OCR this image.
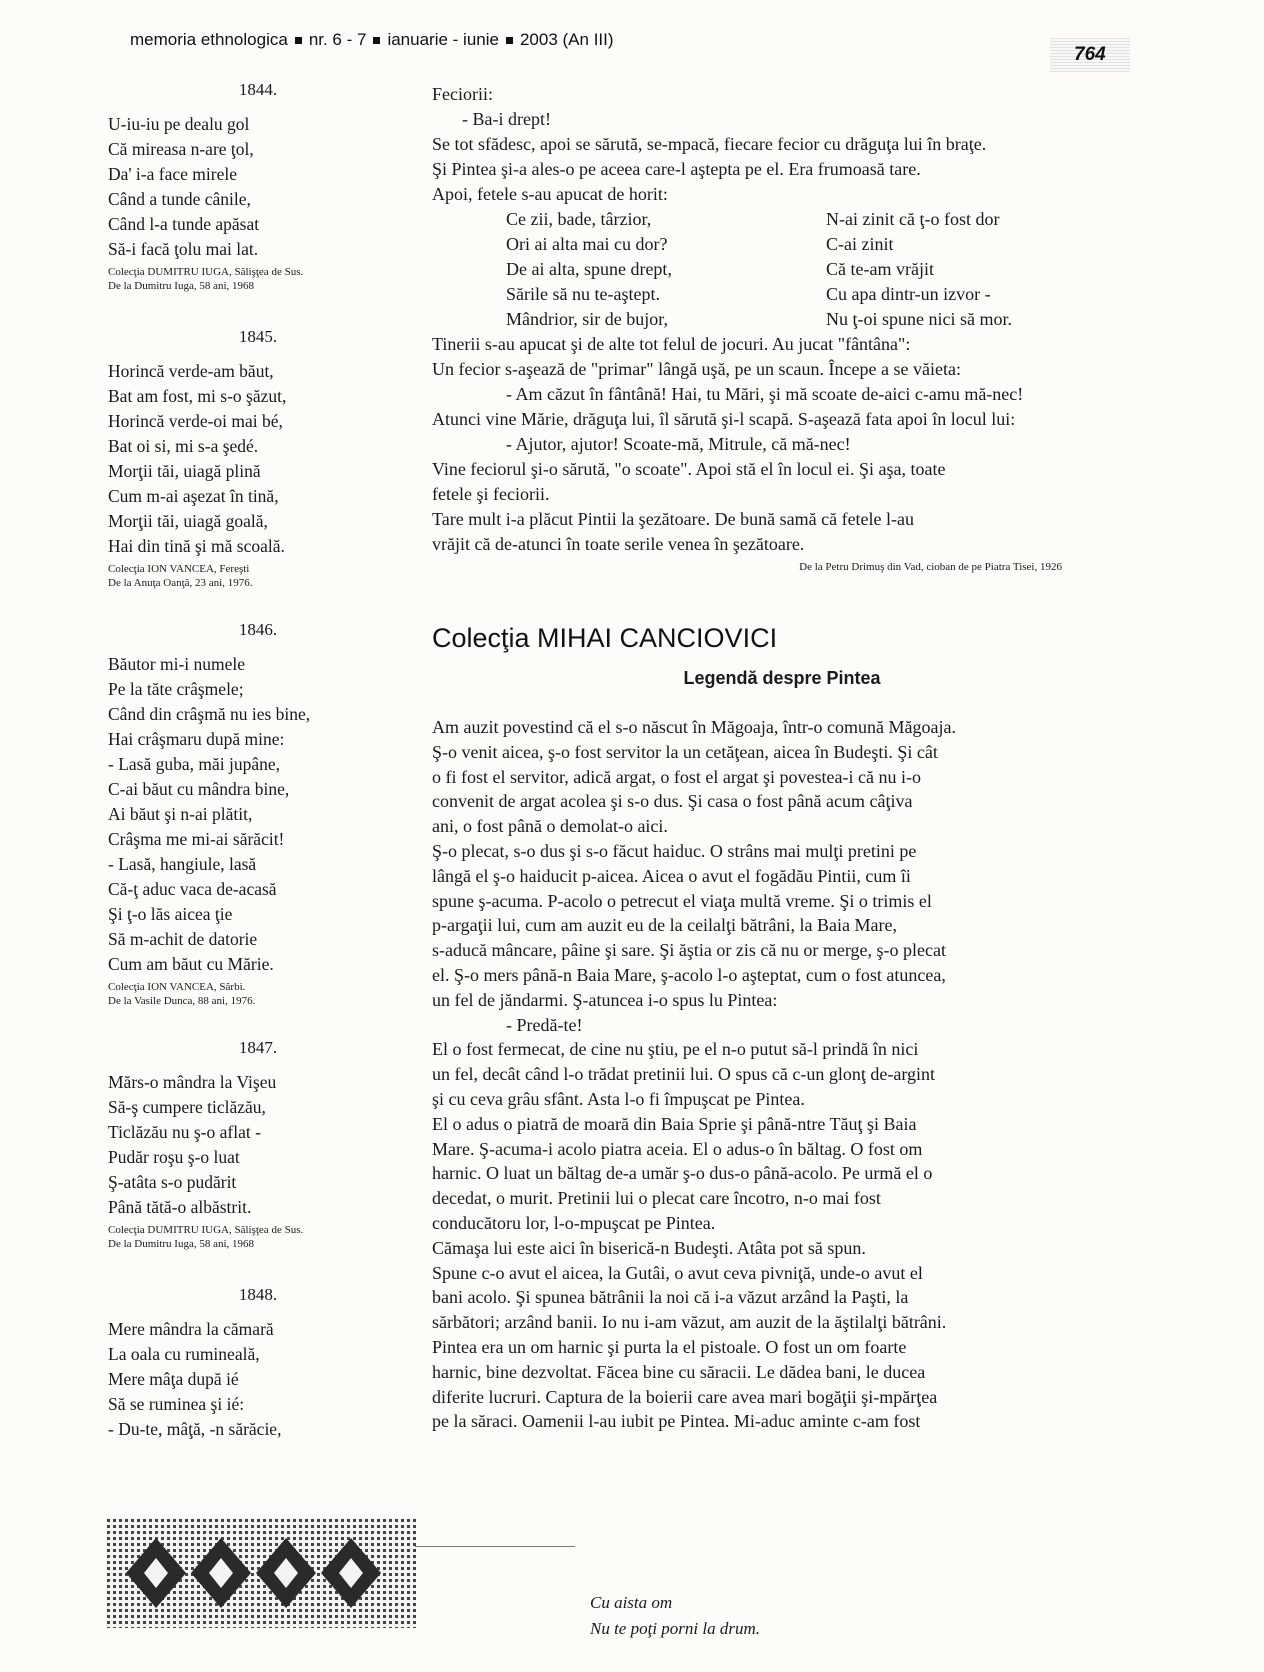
memoria ethnologica nr. 6 - 7 ianuarie - iunie 2003 (An III)
764
1844.
U-iu-iu pe dealu gol
Că mireasa n-are ţol,
Da' i-a face mirele
Când a tunde cânile,
Când l-a tunde apăsat
Să-i facă ţolu mai lat.
Colecţia DUMITRU IUGA, Sălişţea de Sus.
De la Dumitru Iuga, 58 ani, 1968
1845.
Horincă verde-am băut,
Bat am fost, mi s-o şăzut,
Horincă verde-oi mai bé,
Bat oi si, mi s-a şedé.
Morţii tăi, uiagă plină
Cum m-ai aşezat în tină,
Morţii tăi, uiagă goală,
Hai din tină şi mă scoală.
Colecţia ION VANCEA, Fereşti
De la Anuţa Oanţă, 23 ani, 1976.
1846.
Băutor mi-i numele
Pe la tăte crâşmele;
Când din crâşmă nu ies bine,
Hai crâşmaru după mine:
- Lasă guba, măi jupâne,
C-ai băut cu mândra bine,
Ai băut şi n-ai plătit,
Crâşma me mi-ai sărăcit!
- Lasă, hangiule, lasă
Că-ţ aduc vaca de-acasă
Şi ţ-o lăs aicea ţie
Să m-achit de datorie
Cum am băut cu Mărie.
Colecţia ION VANCEA, Sârbi.
De la Vasile Dunca, 88 ani, 1976.
1847.
Mărs-o mândra la Vişeu
Să-ş cumpere ticlăzău,
Ticlăzău nu ş-o aflat -
Pudăr roşu ş-o luat
Ş-atâta s-o pudărit
Până tătă-o albăstrit.
Colecţia DUMITRU IUGA, Sălişţea de Sus.
De la Dumitru Iuga, 58 ani, 1968
1848.
Mere mândra la cămară
La oala cu rumineală,
Mere mâţa după ié
Să se ruminea şi ié:
- Du-te, mâţă, -n sărăcie,
Feciorii:
- Ba-i drept!
Se tot sfădesc, apoi se sărută, se-mpacă, fiecare fecior cu drăguţa lui în braţe.
Şi Pintea şi-a ales-o pe aceea care-l aştepta pe el. Era frumoasă tare.
Apoi, fetele s-au apucat de horit:
Ce zii, bade, târzior,	N-ai zinit că ţ-o fost dor
Ori ai alta mai cu dor?	C-ai zinit
De ai alta, spune drept,	Că te-am vrăjit
Sările să nu te-aştept.	Cu apa dintr-un izvor -
Mândrior, sir de bujor,	Nu ţ-oi spune nici să mor.
Tinerii s-au apucat şi de alte tot felul de jocuri. Au jucat "fântâna":
Un fecior s-aşează de "primar" lângă uşă, pe un scaun. Începe a se văieta:
- Am căzut în fântână! Hai, tu Mări, şi mă scoate de-aici c-amu mă-nec!
Atunci vine Mărie, drăguţa lui, îl sărută şi-l scapă. S-aşează fata apoi în locul lui:
- Ajutor, ajutor! Scoate-mă, Mitrule, că mă-nec!
Vine feciorul şi-o sărută, "o scoate". Apoi stă el în locul ei. Şi aşa, toate
fetele şi feciorii.
Tare mult i-a plăcut Pintii la şezătoare. De bună samă că fetele l-au
vrăjit că de-atunci în toate serile venea în şezătoare.
De la Petru Drimuş din Vad, cioban de pe Piatra Tisei, 1926
Colecţia MIHAI CANCIOVICI
Legendă despre Pintea
Am auzit povestind că el s-o născut în Măgoaja, într-o comună Măgoaja.
Ş-o venit aicea, ş-o fost servitor la un cetăţean, aicea în Budeşti. Şi cât
o fi fost el servitor, adică argat, o fost el argat şi povestea-i că nu i-o
convenit de argat acolea şi s-o dus. Şi casa o fost până acum câţiva
ani, o fost până o demolat-o aici.
Ş-o plecat, s-o dus şi s-o făcut haiduc. O strâns mai mulţi pretini pe
lângă el ş-o haiducit p-aicea. Aicea o avut el fogădău Pintii, cum îi
spune ş-acuma. P-acolo o petrecut el viaţa multă vreme. Şi o trimis el
p-argaţii lui, cum am auzit eu de la ceilalţi bătrâni, la Baia Mare,
s-aducă mâncare, pâine şi sare. Şi ăştia or zis că nu or merge, ş-o plecat
el. Ş-o mers până-n Baia Mare, ş-acolo l-o aşteptat, cum o fost atuncea,
un fel de jăndarmi. Ş-atuncea i-o spus lu Pintea:
- Predă-te!
El o fost fermecat, de cine nu ştiu, pe el n-o putut să-l prindă în nici
un fel, decât când l-o trădat pretinii lui. O spus că c-un glonţ de-argint
şi cu ceva grâu sfânt. Asta l-o fi împuşcat pe Pintea.
El o adus o piatră de moară din Baia Sprie şi până-ntre Tăuţ şi Baia
Mare. Ş-acuma-i acolo piatra aceia. El o adus-o în băltag. O fost om
harnic. O luat un băltag de-a umăr ş-o dus-o până-acolo. Pe urmă el o
decedat, o murit. Pretinii lui o plecat care încotro, n-o mai fost
conducătoru lor, l-o-mpuşcat pe Pintea.
Cămaşa lui este aici în biserică-n Budeşti. Atâta pot să spun.
Spune c-o avut el aicea, la Gutâi, o avut ceva pivniţă, unde-o avut el
bani acolo. Şi spunea bătrânii la noi că i-a văzut arzând la Paşti, la
sărbători; arzând banii. Io nu i-am văzut, am auzit de la ăştilalţi bătrâni.
Pintea era un om harnic şi purta la el pistoale. O fost un om foarte
harnic, bine dezvoltat. Făcea bine cu săracii. Le dădea bani, le ducea
diferite lucruri. Captura de la boierii care avea mari bogăţii şi-mpărţea
pe la săraci. Oamenii l-au iubit pe Pintea. Mi-aduc aminte c-am fost
Cu aista om
Nu te poţi porni la drum.
